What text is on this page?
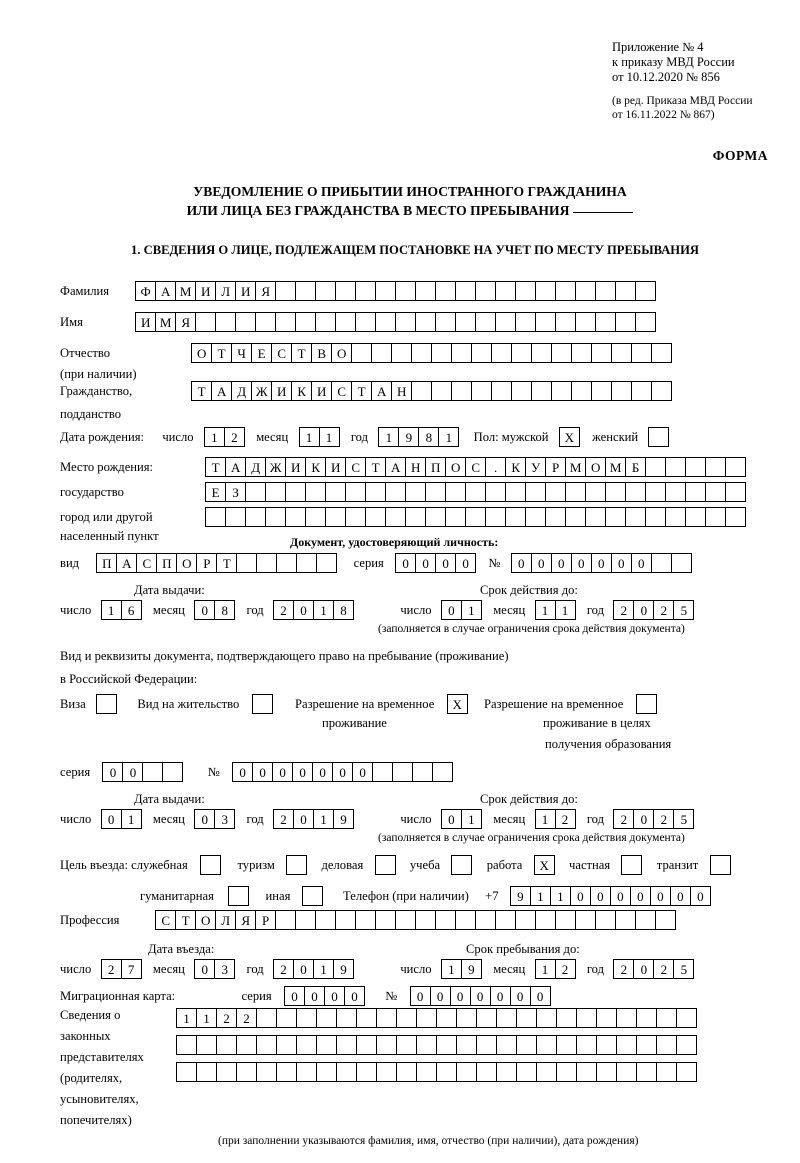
Приложение № 4
к приказу МВД России
от 10.12.2020 № 856
(в ред. Приказа МВД России
от 16.11.2022 № 867)
ФОРМА
УВЕДОМЛЕНИЕ О ПРИБЫТИИ ИНОСТРАННОГО ГРАЖДАНИНА
ИЛИ ЛИЦА БЕЗ ГРАЖДАНСТВА В МЕСТО ПРЕБЫВАНИЯ
1. СВЕДЕНИЯ О ЛИЦЕ, ПОДЛЕЖАЩЕМ ПОСТАНОВКЕ НА УЧЕТ ПО МЕСТУ ПРЕБЫВАНИЯ
Фамилия Ф А М И Л И Я
Имя	И М Я
Отчество	О Т Ч Е С Т В О
(при наличии)
Гражданство,	Т А Д Ж И К И С Т А Н
подданство
Дата рождения: число 1 2 месяц 1 1 год 1 9 8 1 Пол: мужской Х женский
Место рождения:	Т А Д Ж И К И С Т А Н П О С . К У Р М О М Б
государство	Е З
город или другой
населенный пункт	Документ, удостоверяющий личность:
вид П А С П О Р Т	серия 0 0 0 0 № 0 0 0 0 0 0 0
Дата выдачи:	Срок действия до:
число 1 6 месяц 0 8 год 2 0 1 8	число 0 1 месяц 1 1 год 2 0 2 5
(заполняется в случае ограничения срока действия документа)
Вид и реквизиты документа, подтверждающего право на пребывание (проживание)
в Российской Федерации:
Виза	Вид на жительство	Разрешение на временное Х Разрешение на временное
проживание	проживание в целях
получения образования
серия 0 0	№ 0 0 0 0 0 0 0
Дата выдачи:	Срок действия до:
число 0 1 месяц 0 3 год 2 0 1 9	число 0 1 месяц 1 2 год 2 0 2 5
(заполняется в случае ограничения срока действия документа)
Цель въезда: служебная	туризм	деловая	учеба	работа Х частная	транзит
гуманитарная	иная	Телефон (при наличии) +7 9 1 1 0 0 0 0 0 0 0
Профессия	С Т О Л Я Р
Дата въезда:	Срок пребывания до:
число 2 7 месяц 0 3 год 2 0 1 9	число 1 9 месяц 1 2 год 2 0 2 5
Миграционная карта:	серия 0 0 0 0 № 0 0 0 0 0 0 0
Сведения о
законных
представителях
(родителях,
усыновителях,
попечителях)
1 1 2 2
(при заполнении указываются фамилия, имя, отчество (при наличии), дата рождения)
